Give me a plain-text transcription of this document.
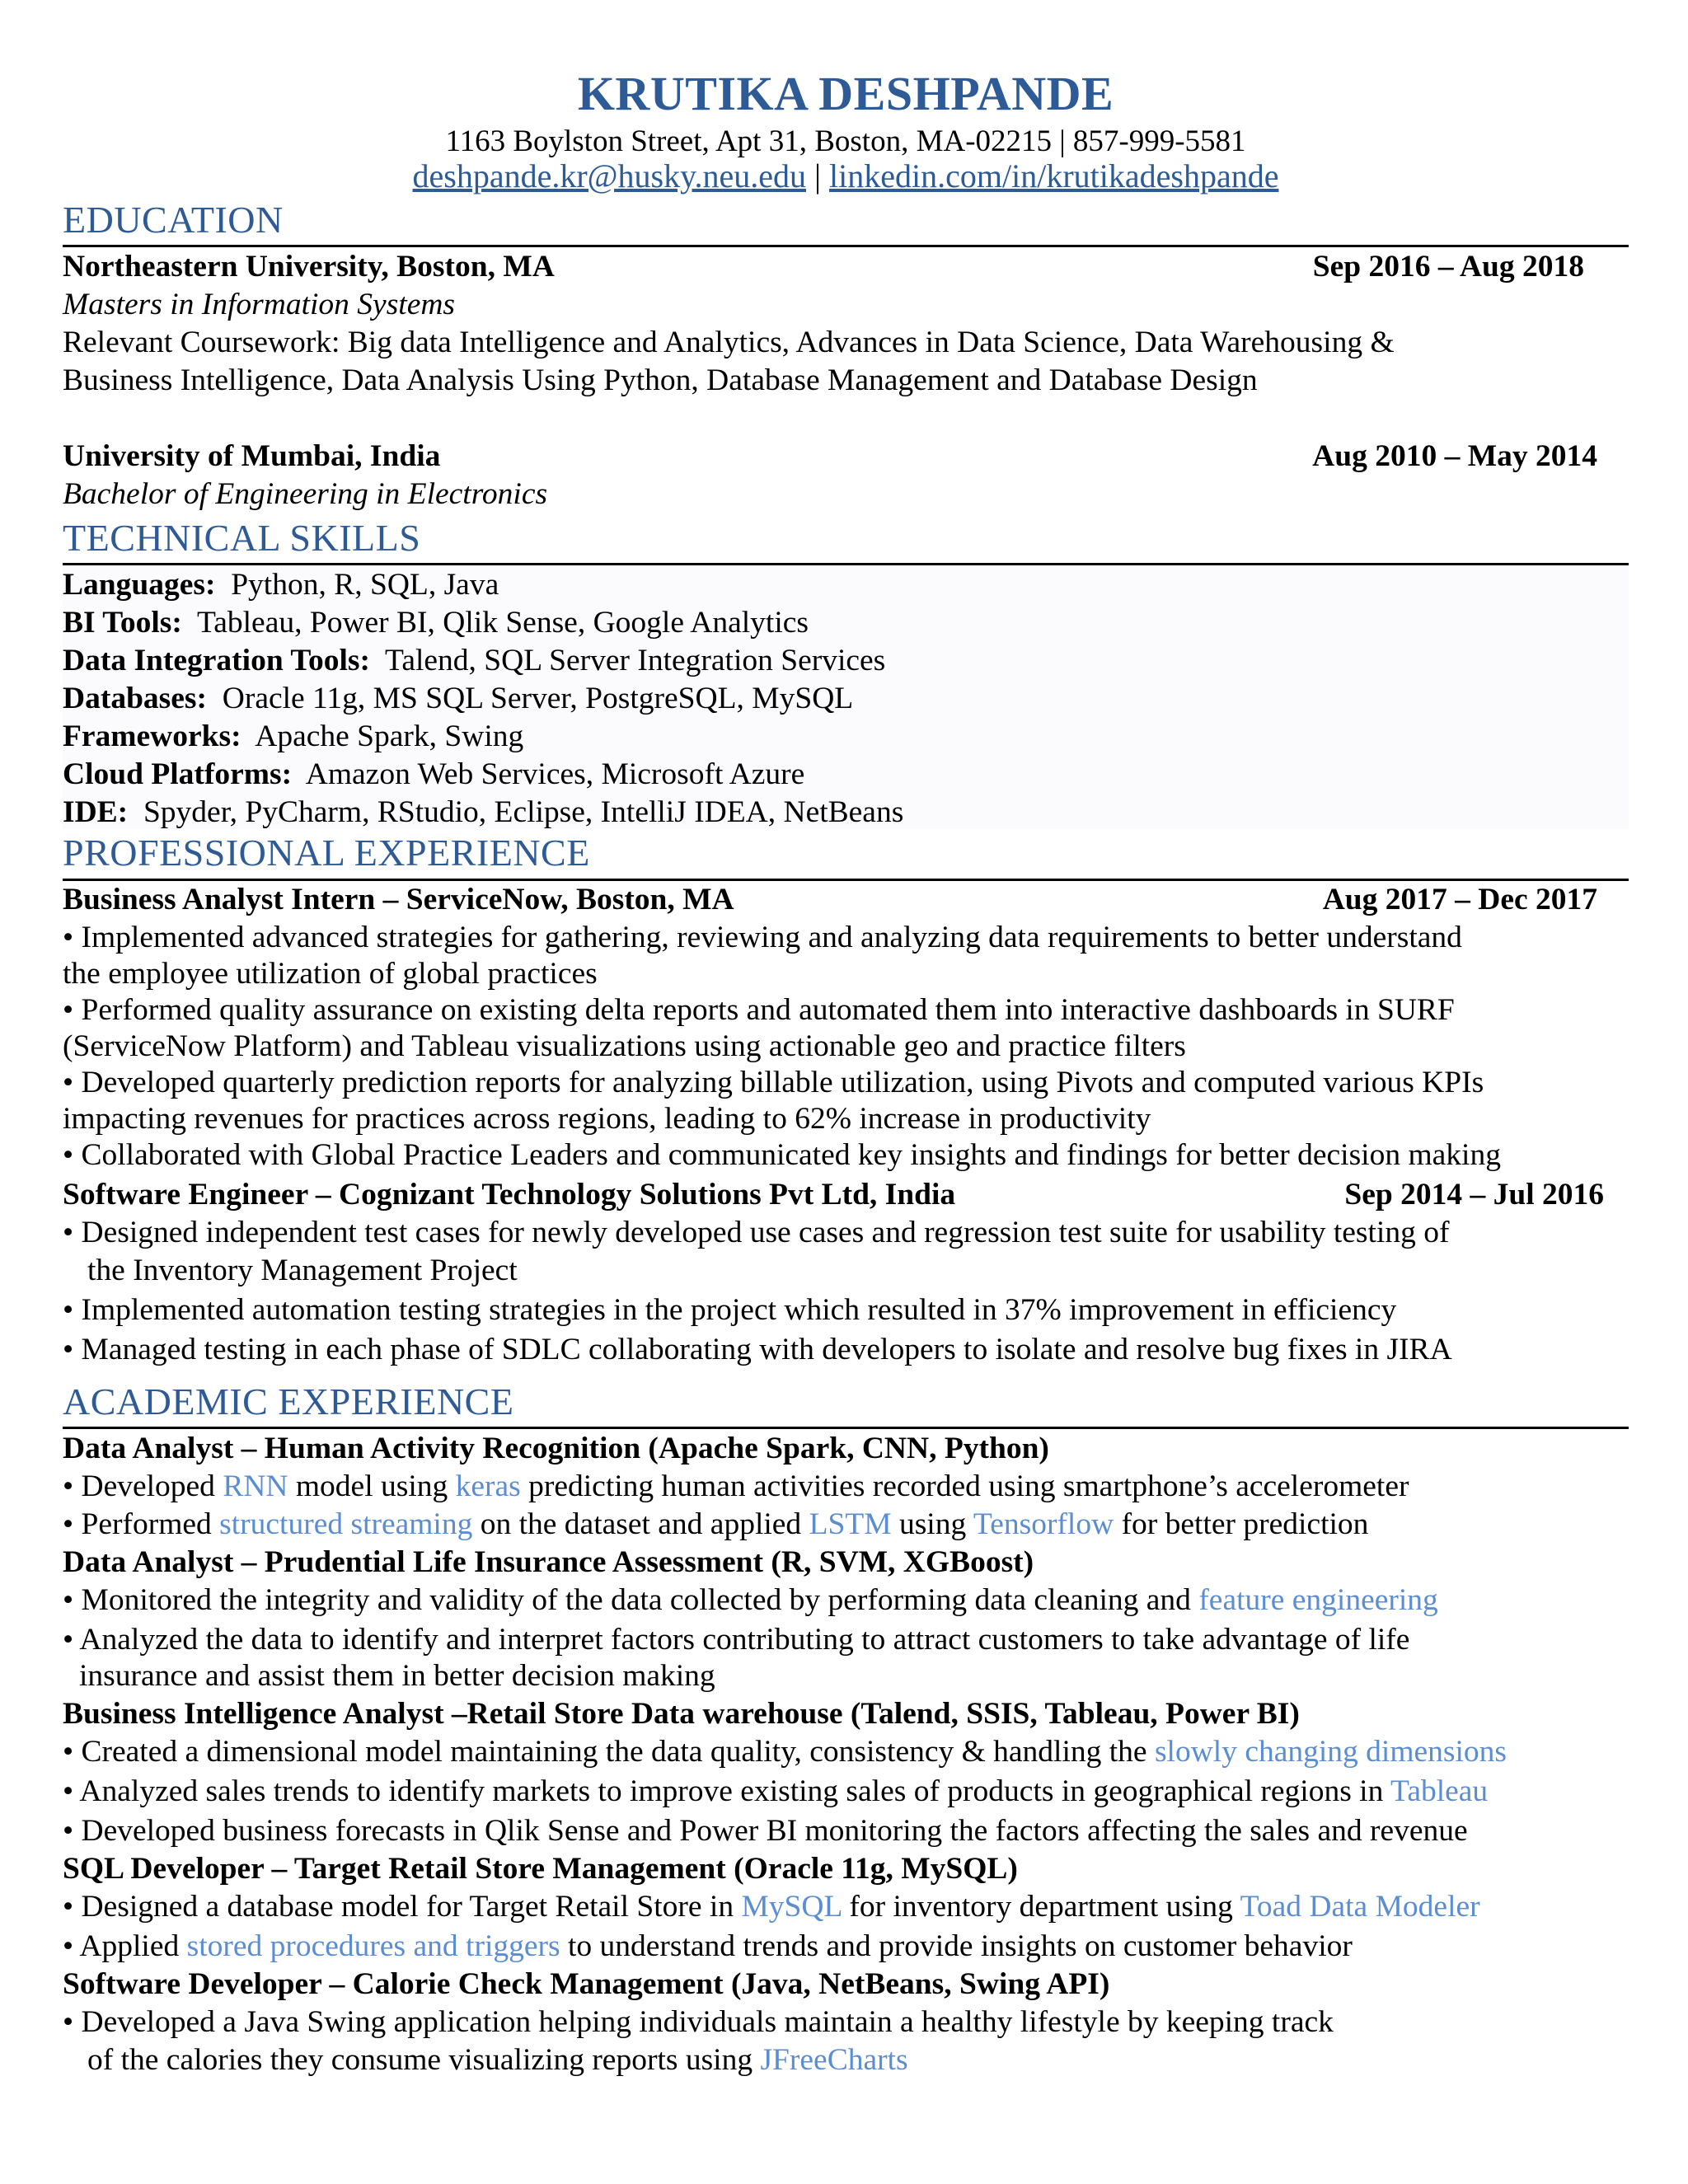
KRUTIKA DESHPANDE
1163 Boylston Street, Apt 31, Boston, MA-02215 | 857-999-5581
deshpande.kr@husky.neu.edu | linkedin.com/in/krutikadeshpande
EDUCATION
Northeastern University, Boston, MA	Sep 2016 – Aug 2018
Masters in Information Systems
Relevant Coursework: Big data Intelligence and Analytics, Advances in Data Science, Data Warehousing &
Business Intelligence, Data Analysis Using Python, Database Management and Database Design
University of Mumbai, India	Aug 2010 – May 2014
Bachelor of Engineering in Electronics
TECHNICAL SKILLS
Languages:  Python, R, SQL, Java
BI Tools:  Tableau, Power BI, Qlik Sense, Google Analytics
Data Integration Tools:  Talend, SQL Server Integration Services
Databases:  Oracle 11g, MS SQL Server, PostgreSQL, MySQL
Frameworks:  Apache Spark, Swing
Cloud Platforms:  Amazon Web Services, Microsoft Azure
IDE:  Spyder, PyCharm, RStudio, Eclipse, IntelliJ IDEA, NetBeans
PROFESSIONAL EXPERIENCE
Business Analyst Intern – ServiceNow, Boston, MA	Aug 2017 – Dec 2017
• Implemented advanced strategies for gathering, reviewing and analyzing data requirements to better understand
the employee utilization of global practices
• Performed quality assurance on existing delta reports and automated them into interactive dashboards in SURF
(ServiceNow Platform) and Tableau visualizations using actionable geo and practice filters
• Developed quarterly prediction reports for analyzing billable utilization, using Pivots and computed various KPIs
impacting revenues for practices across regions, leading to 62% increase in productivity
• Collaborated with Global Practice Leaders and communicated key insights and findings for better decision making
Software Engineer – Cognizant Technology Solutions Pvt Ltd, India	Sep 2014 – Jul 2016
• Designed independent test cases for newly developed use cases and regression test suite for usability testing of
the Inventory Management Project
• Implemented automation testing strategies in the project which resulted in 37% improvement in efficiency
• Managed testing in each phase of SDLC collaborating with developers to isolate and resolve bug fixes in JIRA
ACADEMIC EXPERIENCE
Data Analyst – Human Activity Recognition (Apache Spark, CNN, Python)
• Developed RNN model using keras predicting human activities recorded using smartphone’s accelerometer
• Performed structured streaming on the dataset and applied LSTM using Tensorflow for better prediction
Data Analyst – Prudential Life Insurance Assessment (R, SVM, XGBoost)
• Monitored the integrity and validity of the data collected by performing data cleaning and feature engineering
• Analyzed the data to identify and interpret factors contributing to attract customers to take advantage of life
insurance and assist them in better decision making
Business Intelligence Analyst –Retail Store Data warehouse (Talend, SSIS, Tableau, Power BI)
• Created a dimensional model maintaining the data quality, consistency & handling the slowly changing dimensions
• Analyzed sales trends to identify markets to improve existing sales of products in geographical regions in Tableau
• Developed business forecasts in Qlik Sense and Power BI monitoring the factors affecting the sales and revenue
SQL Developer – Target Retail Store Management (Oracle 11g, MySQL)
• Designed a database model for Target Retail Store in MySQL for inventory department using Toad Data Modeler
• Applied stored procedures and triggers to understand trends and provide insights on customer behavior
Software Developer – Calorie Check Management (Java, NetBeans, Swing API)
• Developed a Java Swing application helping individuals maintain a healthy lifestyle by keeping track
of the calories they consume visualizing reports using JFreeCharts
